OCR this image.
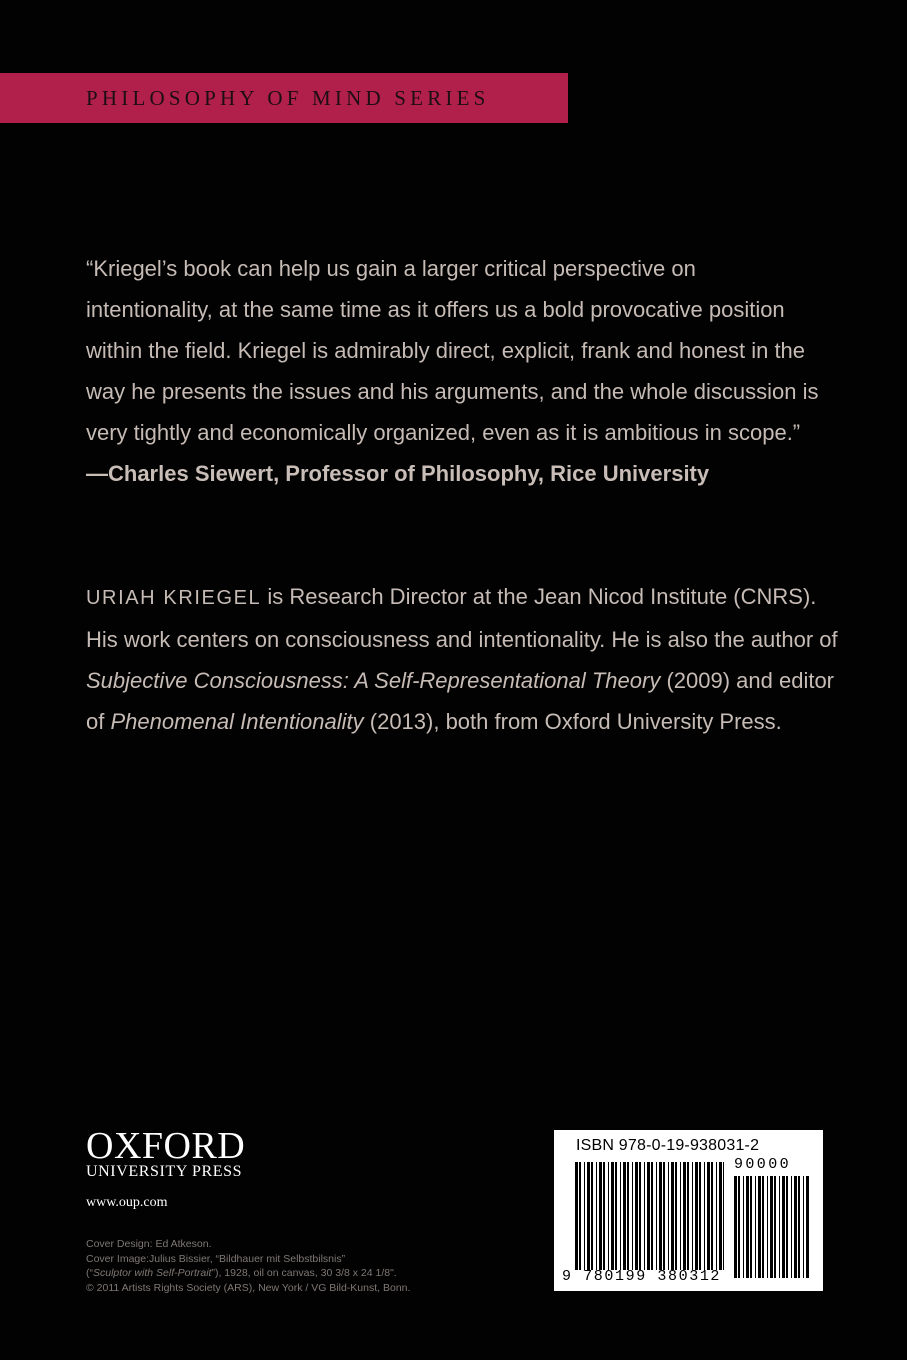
PHILOSOPHY OF MIND SERIES

“Kriegel’s book can help us gain a larger critical perspective on intentionality, at the same time as it offers us a bold provocative position within the field. Kriegel is admirably direct, explicit, frank and honest in the way he presents the issues and his arguments, and the whole discussion is very tightly and economically organized, even as it is ambitious in scope.”

—Charles Siewert, Professor of Philosophy, Rice University

URIAH KRIEGEL is Research Director at the Jean Nicod Institute (CNRS). His work centers on consciousness and intentionality. He is also the author of Subjective Consciousness: A Self-Representational Theory (2009) and editor of Phenomenal Intentionality (2013), both from Oxford University Press.

OXFORD
UNIVERSITY PRESS
www.oup.com

Cover Design: Ed Atkeson.

Cover Image:Julius Bissier, “Bildhauer mit Selbstbilsnis”

(“Sculptor with Self-Portrait”), 1928, oil on canvas, 30 3/8 x 24 1/8".

© 2011 Artists Rights Society (ARS), New York / VG Bild-Kunst, Bonn.

ISBN 978-0-19-938031-2
9 780199 380312
90000
